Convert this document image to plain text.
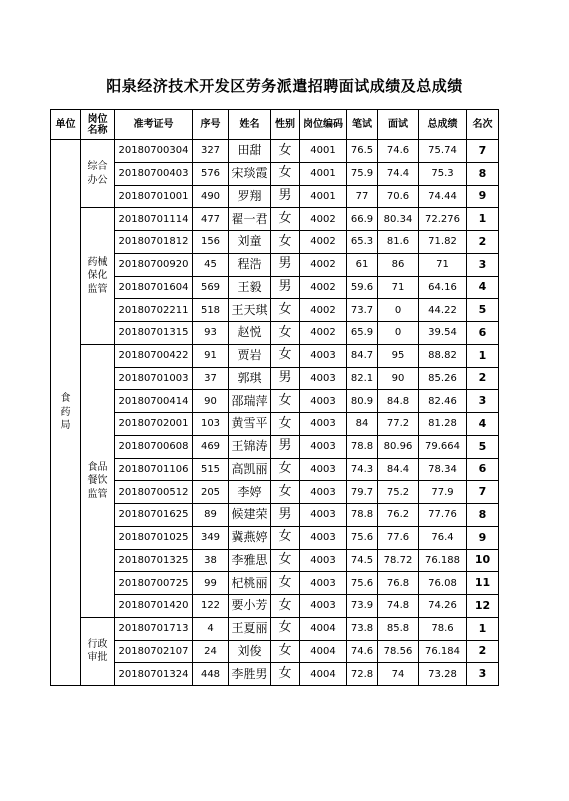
阳泉经济技术开发区劳务派遣招聘面试成绩及总成绩
单位	岗位名称	准考证号	序号	姓名	性别	岗位编码	笔试	面试	总成绩	名次
食药局	综合办公	20180700304	327	田甜	女	4001	76.5	74.6	75.74	7
		20180700403	576	宋琰霞	女	4001	75.9	74.4	75.3	8
		20180701001	490	罗翔	男	4001	77	70.6	74.44	9
	药械保化监管	20180701114	477	翟一君	女	4002	66.9	80.34	72.276	1
		20180701812	156	刘童	女	4002	65.3	81.6	71.82	2
		20180700920	45	程浩	男	4002	61	86	71	3
		20180701604	569	王毅	男	4002	59.6	71	64.16	4
		20180702211	518	王天琪	女	4002	73.7	0	44.22	5
		20180701315	93	赵悦	女	4002	65.9	0	39.54	6
	食品餐饮监管	20180700422	91	贾岩	女	4003	84.7	95	88.82	1
		20180701003	37	郭琪	男	4003	82.1	90	85.26	2
		20180700414	90	邵瑞萍	女	4003	80.9	84.8	82.46	3
		20180702001	103	黄雪平	女	4003	84	77.2	81.28	4
		20180700608	469	王锦涛	男	4003	78.8	80.96	79.664	5
		20180701106	515	高凯丽	女	4003	74.3	84.4	78.34	6
		20180700512	205	李婷	女	4003	79.7	75.2	77.9	7
		20180701625	89	候建荣	男	4003	78.8	76.2	77.76	8
		20180701025	349	冀燕婷	女	4003	75.6	77.6	76.4	9
		20180701325	38	李雅思	女	4003	74.5	78.72	76.188	10
		20180700725	99	杞桃丽	女	4003	75.6	76.8	76.08	11
		20180701420	122	要小芳	女	4003	73.9	74.8	74.26	12
	行政审批	20180701713	4	王夏丽	女	4004	73.8	85.8	78.6	1
		20180702107	24	刘俊	女	4004	74.6	78.56	76.184	2
		20180701324	448	李胜男	女	4004	72.8	74	73.28	3
